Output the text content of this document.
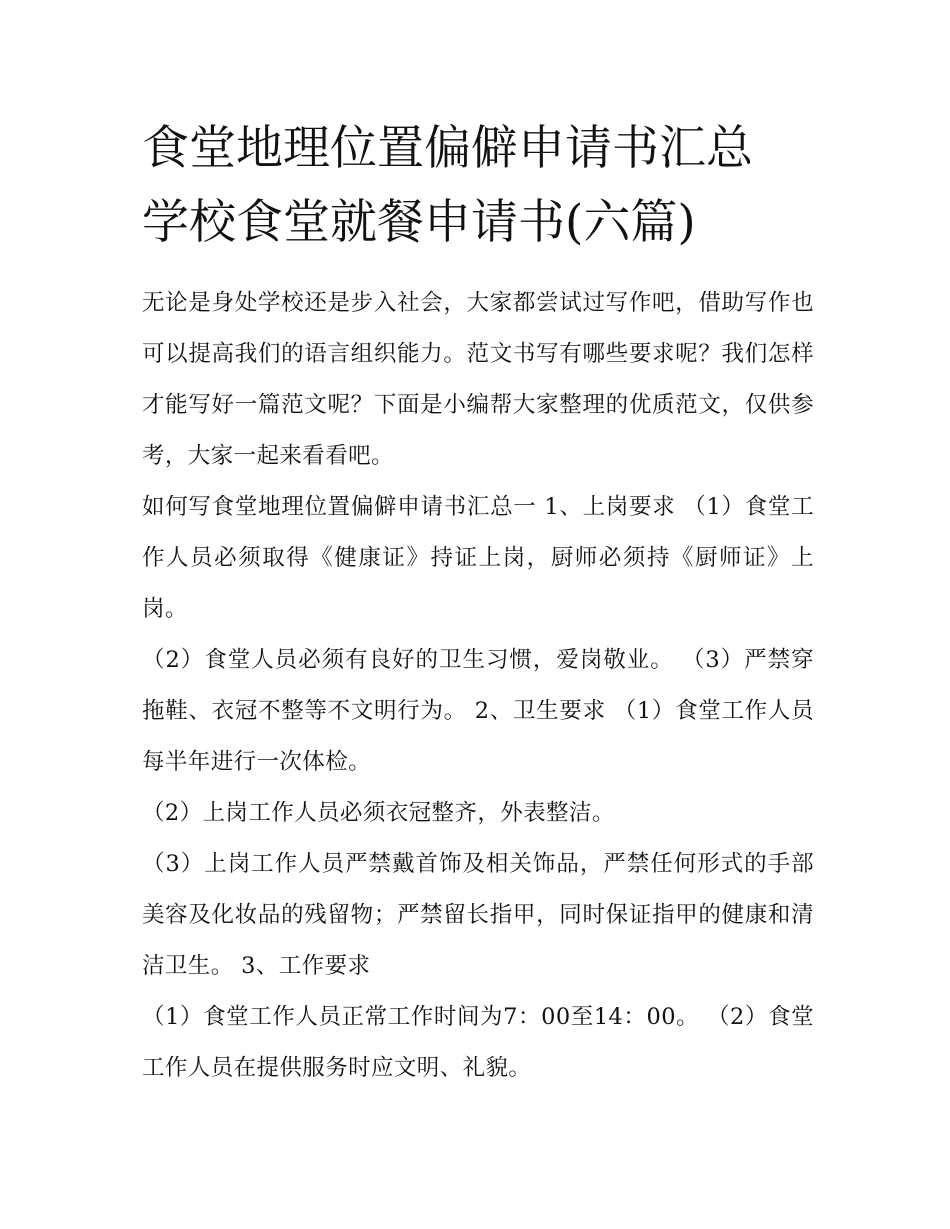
食堂地理位置偏僻申请书汇总
学校食堂就餐申请书(六篇)

无论是身处学校还是步入社会，大家都尝试过写作吧，借助写作也可以提高我们的语言组织能力。范文书写有哪些要求呢？我们怎样才能写好一篇范文呢？下面是小编帮大家整理的优质范文，仅供参考，大家一起来看看吧。

如何写食堂地理位置偏僻申请书汇总一 1、上岗要求 （1）食堂工作人员必须取得《健康证》持证上岗，厨师必须持《厨师证》上岗。

（2）食堂人员必须有良好的卫生习惯，爱岗敬业。 （3）严禁穿拖鞋、衣冠不整等不文明行为。 2、卫生要求 （1）食堂工作人员每半年进行一次体检。

（2）上岗工作人员必须衣冠整齐，外表整洁。

（3）上岗工作人员严禁戴首饰及相关饰品，严禁任何形式的手部美容及化妆品的残留物；严禁留长指甲，同时保证指甲的健康和清洁卫生。 3、工作要求

（1）食堂工作人员正常工作时间为7：00至14：00。 （2）食堂工作人员在提供服务时应文明、礼貌。
